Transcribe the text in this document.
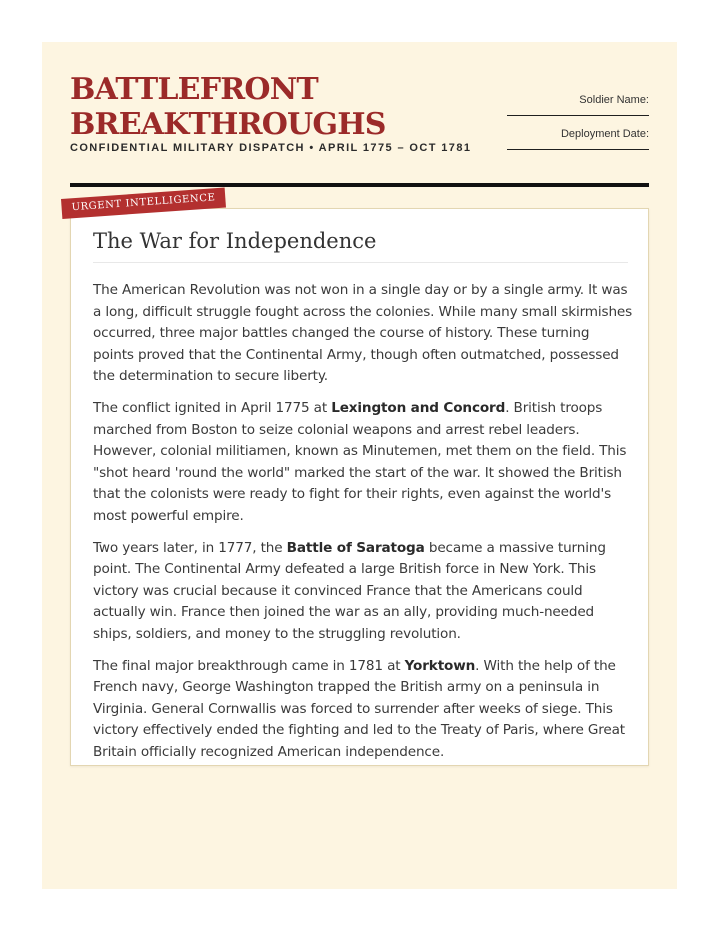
BATTLEFRONT
BREAKTHROUGHS
CONFIDENTIAL MILITARY DISPATCH • APRIL 1775 – OCT 1781
Soldier Name:
Deployment Date:
The War for Independence

The American Revolution was not won in a single day or by a single army. It was a long, difficult struggle fought across the colonies. While many small skirmishes occurred, three major battles changed the course of history. These turning points proved that the Continental Army, though often outmatched, possessed the determination to secure liberty.

The conflict ignited in April 1775 at Lexington and Concord. British troops marched from Boston to seize colonial weapons and arrest rebel leaders. However, colonial militiamen, known as Minutemen, met them on the field. This "shot heard 'round the world" marked the start of the war. It showed the British that the colonists were ready to fight for their rights, even against the world's most powerful empire.

Two years later, in 1777, the Battle of Saratoga became a massive turning point. The Continental Army defeated a large British force in New York. This victory was crucial because it convinced France that the Americans could actually win. France then joined the war as an ally, providing much-needed ships, soldiers, and money to the struggling revolution.

The final major breakthrough came in 1781 at Yorktown. With the help of the French navy, George Washington trapped the British army on a peninsula in Virginia. General Cornwallis was forced to surrender after weeks of siege. This victory effectively ended the fighting and led to the Treaty of Paris, where Great Britain officially recognized American independence.

URGENT INTELLIGENCE
